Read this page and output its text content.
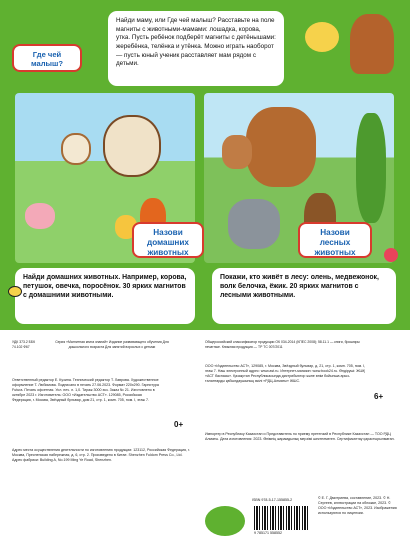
Где чей малыш?
Найди маму, или Где чей малыш? Расставьте на поле магниты с животными-мамами: лошадка, корова, утка. Пусть ребёнок подберёт магниты с детёнышами: жеребёнка, телёнка и утёнка. Можно играть наоборот — пусть юный ученик расставляет мам рядом с детьми.
Назови домашних животных
Назови лесных животных
Найди домашних животных. Например, корова, петушок, овечка, поросёнок. 30 ярких магнитов с домашними животными.
Покажи, кто живёт в лесу: олень, медвежонок, волк белочка, ёжик. 20 ярких магнитов с лесными животными.
УДК 373.2 ББК 74.102 Ф67
Серия «Магнитная книга знаний» Издание развивающего обучения Для дошкольного возраста Для занятий взрослых с детьми
Общероссийский классификатор продукции ОК 034-2014 (КПЕС 2008); 58.11.1 — книги, брошюры печатные. Книжная продукция — ТР ТС 007/2011
Ответственный редактор Е. Кузина. Технический редактор Т. Лаврова. Художественное оформление Т. Любимова. Подписано в печать 27.06.2023. Формат 220х290. Гарнитура Futura. Печать офсетная. Усл. печ. л. 1,0. Тираж 3000 экз. Заказ № 21. Изготовлено в октябре 2023 г. Изготовитель: ООО «Издательство АСТ». 129085, Российская Федерация, г. Москва, Звёздный бульвар, дом 21, стр. 1, комн. 705, пом. I, этаж 7.
0+
Адрес места осуществления деятельности по изготовлению продукции: 123112, Российская Федерация, г. Москва, Пресненская набережная, д. 6, стр. 2. Произведено в Китае. Shenzhen Fuldom Press Co., Ltd. Адрес фабрики: Building A, No.199 Ming Ye Road, Shenzhen.
ООО «Издательство АСТ», 129085, г. Москва, Звёздный бульвар, д. 21, стр. 1, комн. 705, пом. I, этаж 7. Наш электронный адрес: www.ast.ru. Интернет-магазин: www.book24.ru. Өндіруші: ЖШҚ «АСТ баспасы». Қазақстан Республикасында дистрибьютор және өнім бойынша арыз-талаптарды қабылдаушының өкілі «РДЦ-Алматы» ЖШС.
6+
Импортер в Республику Казахстан и Представитель по приему претензий в Республике Казахстан — ТОО РДЦ Алматы. Дата изготовления: 2023. Өнімнің жарамдылық мерзімі шектелмеген. Сертификаттау қарастырылмаған.
ISBN 978-5-17-155855-2
9 785171 558552
© Е. Г. Дмитриева, составление, 2023. © Н. Сергеев, иллюстрации на обложке, 2023. © ООО «Издательство АСТ», 2023. Изображения используются по лицензии.
